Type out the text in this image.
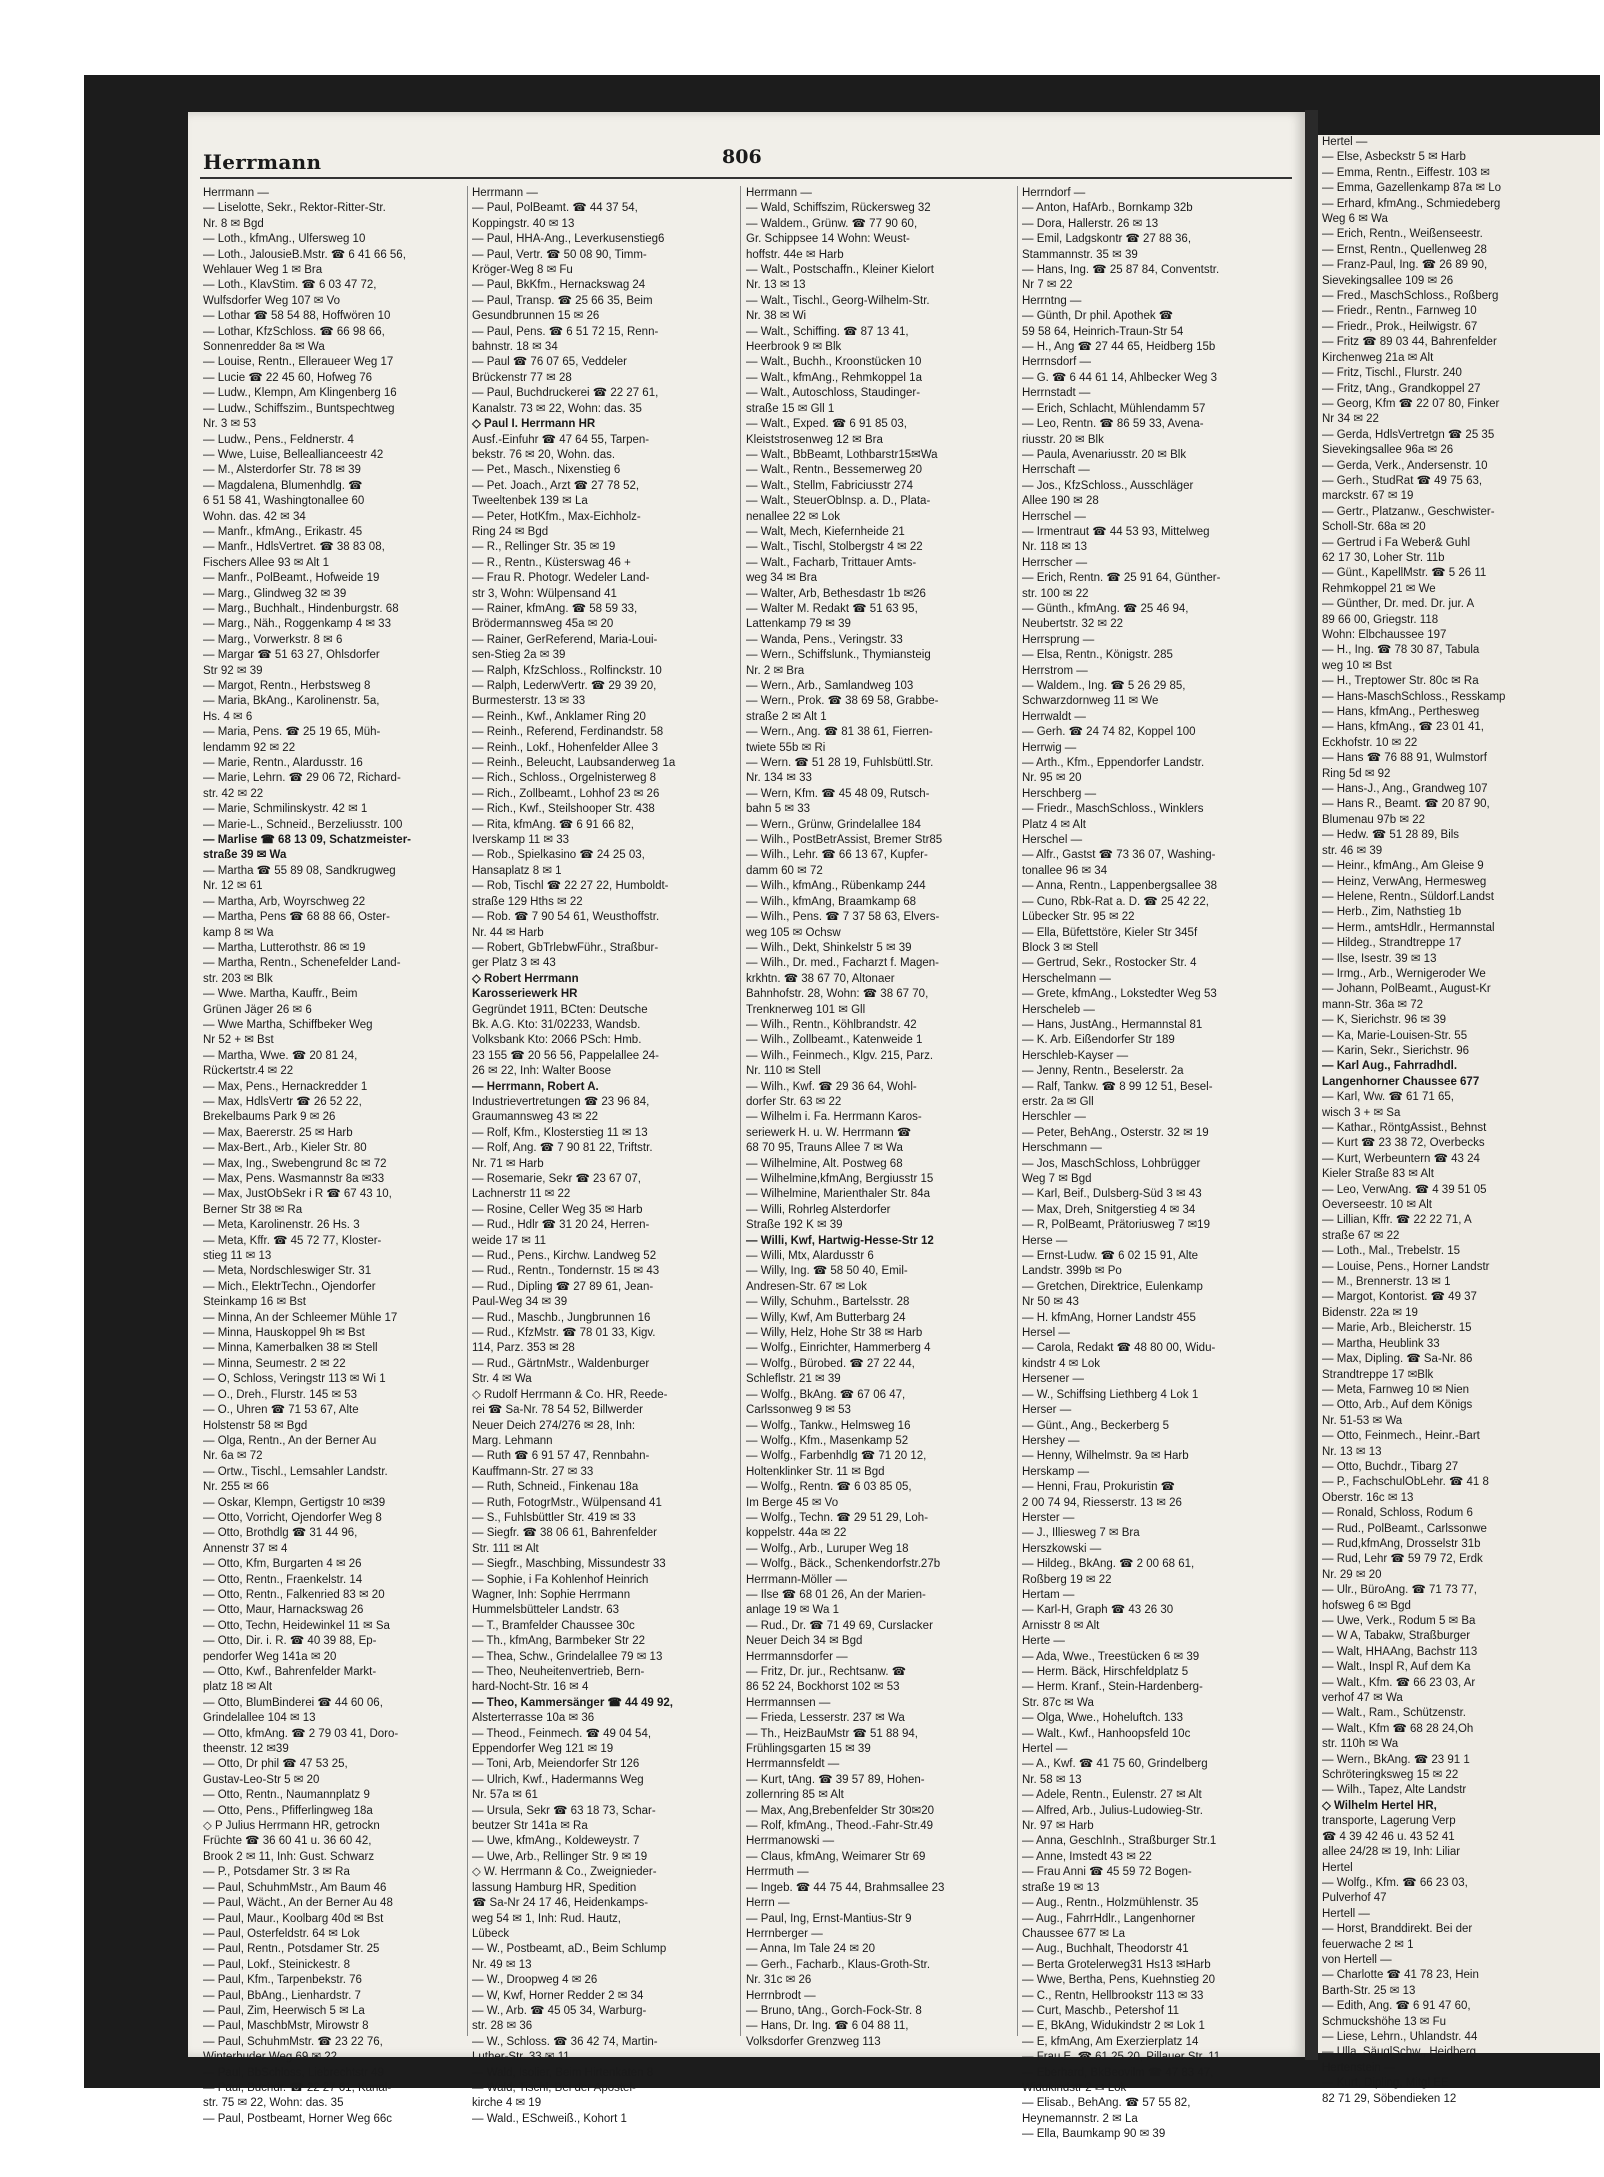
Hertel —
— Else, Asbeckstr 5 ✉ Harb
— Emma, Rentn., Eiffestr. 103 ✉
— Emma, Gazellenkamp 87a ✉ Lo
— Erhard, kfmAng., Schmiedeberg
Weg 6 ✉ Wa
— Erich, Rentn., Weißenseestr.
— Ernst, Rentn., Quellenweg 28
— Franz-Paul, Ing. ☎ 26 89 90,
Sievekingsallee 109 ✉ 26
— Fred., MaschSchloss., Roßberg
— Friedr., Rentn., Farnweg 10
— Friedr., Prok., Heilwigstr. 67
— Fritz ☎ 89 03 44, Bahrenfelder
Kirchenweg 21a ✉ Alt
— Fritz, Tischl., Flurstr. 240
— Fritz, tAng., Grandkoppel 27
— Georg, Kfm ☎ 22 07 80, Finker
Nr 34 ✉ 22
— Gerda, HdlsVertretgn ☎ 25 35
Sievekingsallee 96a ✉ 26
— Gerda, Verk., Andersenstr. 10
— Gerh., StudRat ☎ 49 75 63,
marckstr. 67 ✉ 19
— Gertr., Platzanw., Geschwister-
Scholl-Str. 68a ✉ 20
— Gertrud i Fa Weber& Guhl
62 17 30, Loher Str. 11b
— Günt., KapellMstr. ☎ 5 26 11
Rehmkoppel 21 ✉ We
— Günther, Dr. med. Dr. jur. A
89 66 00, Griegstr. 118
Wohn: Elbchaussee 197
— H., Ing. ☎ 78 30 87, Tabula
weg 10 ✉ Bst
— H., Treptower Str. 80c ✉ Ra
— Hans-MaschSchloss., Resskamp
— Hans, kfmAng., Perthesweg
— Hans, kfmAng., ☎ 23 01 41,
Eckhofstr. 10 ✉ 22
— Hans ☎ 76 88 91, Wulmstorf
Ring 5d ✉ 92
— Hans-J., Ang., Grandweg 107
— Hans R., Beamt. ☎ 20 87 90,
Blumenau 97b ✉ 22
— Hedw. ☎ 51 28 89, Bils
str. 46 ✉ 39
— Heinr., kfmAng., Am Gleise 9
— Heinz, VerwAng, Hermesweg
— Helene, Rentn., Süldorf.Landst
— Herb., Zim, Nathstieg 1b
— Herm., amtsHdlr., Hermannstal
— Hildeg., Strandtreppe 17
— Ilse, Isestr. 39 ✉ 13
— Irmg., Arb., Wernigeroder We
— Johann, PolBeamt., August-Kr
mann-Str. 36a ✉ 72
— K, Sierichstr. 96 ✉ 39
— Ka, Marie-Louisen-Str. 55
— Karin, Sekr., Sierichstr. 96
— Karl Aug., Fahrradhdl.
Langenhorner Chaussee 677
— Karl, Ww. ☎ 61 71 65,
wisch 3 + ✉ Sa
— Kathar., RöntgAssist., Behnst
— Kurt ☎ 23 38 72, Overbecks
— Kurt, Werbeuntern ☎ 43 24
Kieler Straße 83 ✉ Alt
— Leo, VerwAng. ☎ 4 39 51 05
Oeverseestr. 10 ✉ Alt
— Lillian, Kffr. ☎ 22 22 71, A
straße 67 ✉ 22
— Loth., Mal., Trebelstr. 15
— Louise, Pens., Horner Landstr
— M., Brennerstr. 13 ✉ 1
— Margot, Kontorist. ☎ 49 37
Bidenstr. 22a ✉ 19
— Marie, Arb., Bleicherstr. 15
— Martha, Heublink 33
— Max, Dipling. ☎ Sa-Nr. 86
Strandtreppe 17 ✉Blk
— Meta, Farnweg 10 ✉ Nien
— Otto, Arb., Auf dem Königs
Nr. 51-53 ✉ Wa
— Otto, Feinmech., Heinr.-Bart
Nr. 13 ✉ 13
— Otto, Buchdr., Tibarg 27
— P., FachschulObLehr. ☎ 41 8
Oberstr. 16c ✉ 13
— Ronald, Schloss, Rodum 6
— Rud., PolBeamt., Carlssonwe
— Rud,kfmAng, Drosselstr 31b
— Rud, Lehr ☎ 59 79 72, Erdk
Nr. 29 ✉ 20
— Ulr., BüroAng. ☎ 71 73 77,
hofsweg 6 ✉ Bgd
— Uwe, Verk., Rodum 5 ✉ Ba
— W A, Tabakw, Straßburger
— Walt, HHAAng, Bachstr 113
— Walt., Inspl R, Auf dem Ka
— Walt., Kfm. ☎ 66 23 03, Ar
verhof 47 ✉ Wa
— Walt., Ram., Schützenstr.
— Walt., Kfm ☎ 68 28 24,Oh
str. 110h ✉ Wa
— Wern., BkAng. ☎ 23 91 1
Schröteringksweg 15 ✉ 22
— Wilh., Tapez, Alte Landstr
◇ Wilhelm Hertel HR,
transporte, Lagerung Verp
☎ 4 39 42 46 u. 43 52 41
allee 24/28 ✉ 19, Inh: Liliar
Hertel
— Wolfg., Kfm. ☎ 66 23 03,
Pulverhof 47
Hertell —
— Horst, Branddirekt. Bei der
feuerwache 2 ✉ 1
von Hertell —
— Charlotte ☎ 41 78 23, Hein
Barth-Str. 25 ✉ 13
— Edith, Ang. ☎ 6 91 47 60,
Schmuckshöhe 13 ✉ Fu
— Liese, Lehrn., Uhlandstr. 44
— Ulla, SäuglSchw., Heidberg
Hertenstein —
— Kurt, Dipling, Mitgl EE
82 71 29, Söbendieken 12
Herrmann	806
Herrmann —
— Liselotte, Sekr., Rektor-Ritter-Str.
Nr. 8 ✉ Bgd
— Loth., kfmAng., Ulfersweg 10
— Loth., JalousieB.Mstr. ☎ 6 41 66 56,
Wehlauer Weg 1 ✉ Bra
— Loth., KlavStim. ☎ 6 03 47 72,
Wulfsdorfer Weg 107 ✉ Vo
— Lothar ☎ 58 54 88, Hoffwören 10
— Lothar, KfzSchloss. ☎ 66 98 66,
Sonnenredder 8a ✉ Wa
— Louise, Rentn., Elleraueer Weg 17
— Lucie ☎ 22 45 60, Hofweg 76
— Ludw., Klempn, Am Klingenberg 16
— Ludw., Schiffszim., Buntspechtweg
Nr. 3 ✉ 53
— Ludw., Pens., Feldnerstr. 4
— Wwe, Luise, Belleallianceestr 42
— M., Alsterdorfer Str. 78 ✉ 39
— Magdalena, Blumenhdlg. ☎
6 51 58 41, Washingtonallee 60
Wohn. das. 42 ✉ 34
— Manfr., kfmAng., Erikastr. 45
— Manfr., HdlsVertret. ☎ 38 83 08,
Fischers Allee 93 ✉ Alt 1
— Manfr., PolBeamt., Hofweide 19
— Marg., Glindweg 32 ✉ 39
— Marg., Buchhalt., Hindenburgstr. 68
— Marg., Näh., Roggenkamp 4 ✉ 33
— Marg., Vorwerkstr. 8 ✉ 6
— Margar ☎ 51 63 27, Ohlsdorfer
Str 92 ✉ 39
— Margot, Rentn., Herbstsweg 8
— Maria, BkAng., Karolinenstr. 5a,
Hs. 4 ✉ 6
— Maria, Pens. ☎ 25 19 65, Müh-
lendamm 92 ✉ 22
— Marie, Rentn., Alardusstr. 16
— Marie, Lehrn. ☎ 29 06 72, Richard-
str. 42 ✉ 22
— Marie, Schmilinskystr. 42 ✉ 1
— Marie-L., Schneid., Berzeliusstr. 100
— Marlise ☎ 68 13 09, Schatzmeister-
straße 39 ✉ Wa
— Martha ☎ 55 89 08, Sandkrugweg
Nr. 12 ✉ 61
— Martha, Arb, Woyrschweg 22
— Martha, Pens ☎ 68 88 66, Oster-
kamp 8 ✉ Wa
— Martha, Lutterothstr. 86 ✉ 19
— Martha, Rentn., Schenefelder Land-
str. 203 ✉ Blk
— Wwe. Martha, Kauffr., Beim
Grünen Jäger 26 ✉ 6
— Wwe Martha, Schiffbeker Weg
Nr 52 + ✉ Bst
— Martha, Wwe. ☎ 20 81 24,
Rückertstr.4 ✉ 22
— Max, Pens., Hernackredder 1
— Max, HdlsVertr ☎ 26 52 22,
Brekelbaums Park 9 ✉ 26
— Max, Baererstr. 25 ✉ Harb
— Max-Bert., Arb., Kieler Str. 80
— Max, Ing., Swebengrund 8c ✉ 72
— Max, Pens. Wasmannstr 8a ✉33
— Max, JustObSekr i R ☎ 67 43 10,
Berner Str 38 ✉ Ra
— Meta, Karolinenstr. 26 Hs. 3
— Meta, Kffr. ☎ 45 72 77, Kloster-
stieg 11 ✉ 13
— Meta, Nordschleswiger Str. 31
— Mich., ElektrTechn., Ojendorfer
Steinkamp 16 ✉ Bst
— Minna, An der Schleemer Mühle 17
— Minna, Hauskoppel 9h ✉ Bst
— Minna, Kamerbalken 38 ✉ Stell
— Minna, Seumestr. 2 ✉ 22
— O, Schloss, Veringstr 113 ✉ Wi 1
— O., Dreh., Flurstr. 145 ✉ 53
— O., Uhren ☎ 71 53 67, Alte
Holstenstr 58 ✉ Bgd
— Olga, Rentn., An der Berner Au
Nr. 6a ✉ 72
— Ortw., Tischl., Lemsahler Landstr.
Nr. 255 ✉ 66
— Oskar, Klempn, Gertigstr 10 ✉39
— Otto, Vorricht, Ojendorfer Weg 8
— Otto, Brothdlg ☎ 31 44 96,
Annenstr 37 ✉ 4
— Otto, Kfm, Burgarten 4 ✉ 26
— Otto, Rentn., Fraenkelstr. 14
— Otto, Rentn., Falkenried 83 ✉ 20
— Otto, Maur, Harnackswag 26
— Otto, Techn, Heidewinkel 11 ✉ Sa
— Otto, Dir. i. R. ☎ 40 39 88, Ep-
pendorfer Weg 141a ✉ 20
— Otto, Kwf., Bahrenfelder Markt-
platz 18 ✉ Alt
— Otto, BlumBinderei ☎ 44 60 06,
Grindelallee 104 ✉ 13
— Otto, kfmAng. ☎ 2 79 03 41, Doro-
theenstr. 12 ✉39
— Otto, Dr phil ☎ 47 53 25,
Gustav-Leo-Str 5 ✉ 20
— Otto, Rentn., Naumannplatz 9
— Otto, Pens., Pfifferlingweg 18a
◇ P Julius Herrmann HR, getrockn
Früchte ☎ 36 60 41 u. 36 60 42,
Brook 2 ✉ 11, Inh: Gust. Schwarz
— P., Potsdamer Str. 3 ✉ Ra
— Paul, SchuhmMstr., Am Baum 46
— Paul, Wächt., An der Berner Au 48
— Paul, Maur., Koolbarg 40d ✉ Bst
— Paul, Osterfeldstr. 64 ✉ Lok
— Paul, Rentn., Potsdamer Str. 25
— Paul, Lokf., Steinickestr. 8
— Paul, Kfm., Tarpenbekstr. 76
— Paul, BbAng., Lienhardstr. 7
— Paul, Zim, Heerwisch 5 ✉ La
— Paul, MaschbMstr, Mirowstr 8
— Paul, SchuhmMstr. ☎ 23 22 76,
Winterhuder Weg 69 ✉ 22
— Paul, BbSchloss, Liebrechtstr 49
— Paul, Buchdr. ☎ 22 27 61, Kanal-
str. 75 ✉ 22, Wohn: das. 35
— Paul, Postbeamt, Horner Weg 66c
Herrmann —
— Paul, PolBeamt. ☎ 44 37 54,
Koppingstr. 40 ✉ 13
— Paul, HHA-Ang., Leverkusenstieg6
— Paul, Vertr. ☎ 50 08 90, Timm-
Kröger-Weg 8 ✉ Fu
— Paul, BkKfm., Hernackswag 24
— Paul, Transp. ☎ 25 66 35, Beim
Gesundbrunnen 15 ✉ 26
— Paul, Pens. ☎ 6 51 72 15, Renn-
bahnstr. 18 ✉ 34
— Paul ☎ 76 07 65, Veddeler
Brückenstr 77 ✉ 28
— Paul, Buchdruckerei ☎ 22 27 61,
Kanalstr. 73 ✉ 22, Wohn: das. 35
◇ Paul I. Herrmann HR
Ausf.-Einfuhr ☎ 47 64 55, Tarpen-
bekstr. 76 ✉ 20, Wohn. das.
— Pet., Masch., Nixenstieg 6
— Pet. Joach., Arzt ☎ 27 78 52,
Tweeltenbek 139 ✉ La
— Peter, HotKfm., Max-Eichholz-
Ring 24 ✉ Bgd
— R., Rellinger Str. 35 ✉ 19
— R., Rentn., Küsterswag 46 +
— Frau R. Photogr. Wedeler Land-
str 3, Wohn: Wülpensand 41
— Rainer, kfmAng. ☎ 58 59 33,
Brödermannsweg 45a ✉ 20
— Rainer, GerReferend, Maria-Loui-
sen-Stieg 2a ✉ 39
— Ralph, KfzSchloss., Rolfinckstr. 10
— Ralph, LederwVertr. ☎ 29 39 20,
Burmesterstr. 13 ✉ 33
— Reinh., Kwf., Anklamer Ring 20
— Reinh., Referend, Ferdinandstr. 58
— Reinh., Lokf., Hohenfelder Allee 3
— Reinh., Beleucht, Laubsanderweg 1a
— Rich., Schloss., Orgelnisterweg 8
— Rich., Zollbeamt., Lohhof 23 ✉ 26
— Rich., Kwf., Steilshooper Str. 438
— Rita, kfmAng. ☎ 6 91 66 82,
Iverskamp 11 ✉ 33
— Rob., Spielkasino ☎ 24 25 03,
Hansaplatz 8 ✉ 1
— Rob, Tischl ☎ 22 27 22, Humboldt-
straße 129 Hths ✉ 22
— Rob. ☎ 7 90 54 61, Weusthoffstr.
Nr. 44 ✉ Harb
— Robert, GbTrlebwFühr., Straßbur-
ger Platz 3 ✉ 43
◇ Robert Herrmann
Karosseriewerk HR
Gegründet 1911, BCten: Deutsche
Bk. A.G. Kto: 31/02233, Wandsb.
Volksbank Kto: 2066 PSch: Hmb.
23 155 ☎ 20 56 56, Pappelallee 24-
26 ✉ 22, Inh: Walter Boose
— Herrmann, Robert A.
Industrievertretungen ☎ 23 96 84,
Graumannsweg 43 ✉ 22
— Rolf, Kfm., Klosterstieg 11 ✉ 13
— Rolf, Ang. ☎ 7 90 81 22, Triftstr.
Nr. 71 ✉ Harb
— Rosemarie, Sekr ☎ 23 67 07,
Lachnerstr 11 ✉ 22
— Rosine, Celler Weg 35 ✉ Harb
— Rud., Hdlr ☎ 31 20 24, Herren-
weide 17 ✉ 11
— Rud., Pens., Kirchw. Landweg 52
— Rud., Rentn., Tondernstr. 15 ✉ 43
— Rud., Dipling ☎ 27 89 61, Jean-
Paul-Weg 34 ✉ 39
— Rud., Maschb., Jungbrunnen 16
— Rud., KfzMstr. ☎ 78 01 33, Kigv.
114, Parz. 353 ✉ 28
— Rud., GärtnMstr., Waldenburger
Str. 4 ✉ Wa
◇ Rudolf Herrmann & Co. HR, Reede-
rei ☎ Sa-Nr. 78 54 52, Billwerder
Neuer Deich 274/276 ✉ 28, Inh:
Marg. Lehmann
— Ruth ☎ 6 91 57 47, Rennbahn-
Kauffmann-Str. 27 ✉ 33
— Ruth, Schneid., Finkenau 18a
— Ruth, FotogrMstr., Wülpensand 41
— S., Fuhlsbüttler Str. 419 ✉ 33
— Siegfr. ☎ 38 06 61, Bahrenfelder
Str. 111 ✉ Alt
— Siegfr., Maschbing, Missundestr 33
— Sophie, i Fa Kohlenhof Heinrich
Wagner, Inh: Sophie Herrmann
Hummelsbütteler Landstr. 63
— T., Bramfelder Chaussee 30c
— Th., kfmAng, Barmbeker Str 22
— Thea, Schw., Grindelallee 79 ✉ 13
— Theo, Neuheitenvertrieb, Bern-
hard-Nocht-Str. 16 ✉ 4
— Theo, Kammersänger ☎ 44 49 92,
Alsterterrasse 10a ✉ 36
— Theod., Feinmech. ☎ 49 04 54,
Eppendorfer Weg 121 ✉ 19
— Toni, Arb, Meiendorfer Str 126
— Ulrich, Kwf., Hadermanns Weg
Nr. 57a ✉ 61
— Ursula, Sekr ☎ 63 18 73, Schar-
beutzer Str 141a ✉ Ra
— Uwe, kfmAng., Koldeweystr. 7
— Uwe, Arb., Rellinger Str. 9 ✉ 19
◇ W. Herrmann & Co., Zweignieder-
lassung Hamburg HR, Spedition
☎ Sa-Nr 24 17 46, Heidenkamps-
weg 54 ✉ 1, Inh: Rud. Hautz,
Lübeck
— W., Postbeamt, aD., Beim Schlump
Nr. 49 ✉ 13
— W., Droopweg 4 ✉ 26
— W, Kwf, Horner Redder 2 ✉ 34
— W., Arb. ☎ 45 05 34, Warburg-
str. 28 ✉ 36
— W., Schloss. ☎ 36 42 74, Martin-
Luther-Str. 33 ✉ 11
— Wald, Isolier, Beim Hirtenkaten 8
— Wald, Tischl, Bei der Apostel-
kirche 4 ✉ 19
— Wald., ESchweiß., Kohort 1
Herrmann —
— Wald, Schiffszim, Rückersweg 32
— Waldem., Grünw. ☎ 77 90 60,
Gr. Schippsee 14 Wohn: Weust-
hoffstr. 44e ✉ Harb
— Walt., Postschaffn., Kleiner Kielort
Nr. 13 ✉ 13
— Walt., Tischl., Georg-Wilhelm-Str.
Nr. 38 ✉ Wi
— Walt., Schiffing. ☎ 87 13 41,
Heerbrook 9 ✉ Blk
— Walt., Buchh., Kroonstücken 10
— Walt., kfmAng., Rehmkoppel 1a
— Walt., Autoschloss, Staudinger-
straße 15 ✉ Gll 1
— Walt., Exped. ☎ 6 91 85 03,
Kleiststrosenweg 12 ✉ Bra
— Walt., BbBeamt, Lothbarstr15✉Wa
— Walt., Rentn., Bessemerweg 20
— Walt., Stellm, Fabriciusstr 274
— Walt., SteuerOblnsp. a. D., Plata-
nenallee 22 ✉ Lok
— Walt, Mech, Kiefernheide 21
— Walt., Tischl, Stolbergstr 4 ✉ 22
— Walt., Facharb, Trittauer Amts-
weg 34 ✉ Bra
— Walter, Arb, Bethesdastr 1b ✉26
— Walter M. Redakt ☎ 51 63 95,
Lattenkamp 79 ✉ 39
— Wanda, Pens., Veringstr. 33
— Wern., Schiffslunk., Thymiansteig
Nr. 2 ✉ Bra
— Wern., Arb., Samlandweg 103
— Wern., Prok. ☎ 38 69 58, Grabbe-
straße 2 ✉ Alt 1
— Wern., Ang. ☎ 81 38 61, Fierren-
twiete 55b ✉ Ri
— Wern. ☎ 51 28 19, Fuhlsbüttl.Str.
Nr. 134 ✉ 33
— Wern, Kfm. ☎ 45 48 09, Rutsch-
bahn 5 ✉ 33
— Wern., Grünw, Grindelallee 184
— Wilh., PostBetrAssist, Bremer Str85
— Wilh., Lehr. ☎ 66 13 67, Kupfer-
damm 60 ✉ 72
— Wilh., kfmAng., Rübenkamp 244
— Wilh., kfmAng, Braamkamp 68
— Wilh., Pens. ☎ 7 37 58 63, Elvers-
weg 105 ✉ Ochsw
— Wilh., Dekt, Shinkelstr 5 ✉ 39
— Wilh., Dr. med., Facharzt f. Magen-
krkhtn. ☎ 38 67 70, Altonaer
Bahnhofstr. 28, Wohn: ☎ 38 67 70,
Trenknerweg 101 ✉ Gll
— Wilh., Rentn., Köhlbrandstr. 42
— Wilh., Zollbeamt., Katenweide 1
— Wilh., Feinmech., Klgv. 215, Parz.
Nr. 110 ✉ Stell
— Wilh., Kwf. ☎ 29 36 64, Wohl-
dorfer Str. 63 ✉ 22
— Wilhelm i. Fa. Herrmann Karos-
seriewerk H. u. W. Herrmann ☎
68 70 95, Trauns Allee 7 ✉ Wa
— Wilhelmine, Alt. Postweg 68
— Wilhelmine,kfmAng, Bergiusstr 15
— Wilhelmine, Marienthaler Str. 84a
— Willi, Rohrleg Alsterdorfer
Straße 192 K ✉ 39
— Willi, Kwf, Hartwig-Hesse-Str 12
— Willi, Mtx, Alardusstr 6
— Willy, Ing. ☎ 58 50 40, Emil-
Andresen-Str. 67 ✉ Lok
— Willy, Schuhm., Bartelsstr. 28
— Willy, Kwf, Am Butterbarg 24
— Willy, Helz, Hohe Str 38 ✉ Harb
— Wolfg., Einrichter, Hammerberg 4
— Wolfg., Bürobed. ☎ 27 22 44,
Schleflstr. 21 ✉ 39
— Wolfg., BkAng. ☎ 67 06 47,
Carlssonweg 9 ✉ 53
— Wolfg., Tankw., Helmsweg 16
— Wolfg., Kfm., Masenkamp 52
— Wolfg., Farbenhdlg ☎ 71 20 12,
Holtenklinker Str. 11 ✉ Bgd
— Wolfg., Rentn. ☎ 6 03 85 05,
Im Berge 45 ✉ Vo
— Wolfg., Techn. ☎ 29 51 29, Loh-
koppelstr. 44a ✉ 22
— Wolfg., Arb., Luruper Weg 18
— Wolfg., Bäck., Schenkendorfstr.27b
Herrmann-Möller —
— Ilse ☎ 68 01 26, An der Marien-
anlage 19 ✉ Wa 1
— Rud., Dr. ☎ 71 49 69, Curslacker
Neuer Deich 34 ✉ Bgd
Herrmannsdorfer —
— Fritz, Dr. jur., Rechtsanw. ☎
86 52 24, Bockhorst 102 ✉ 53
Herrmannsen —
— Frieda, Lesserstr. 237 ✉ Wa
— Th., HeizBauMstr ☎ 51 88 94,
Frühlingsgarten 15 ✉ 39
Herrmannsfeldt —
— Kurt, tAng. ☎ 39 57 89, Hohen-
zollernring 85 ✉ Alt
— Max, Ang,Brebenfelder Str 30✉20
— Rolf, kfmAng., Theod.-Fahr-Str.49
Herrmanowski —
— Claus, kfmAng, Weimarer Str 69
Herrmuth —
— Ingeb. ☎ 44 75 44, Brahmsallee 23
Herrn —
— Paul, Ing, Ernst-Mantius-Str 9
Herrnberger —
— Anna, Im Tale 24 ✉ 20
— Gerh., Facharb., Klaus-Groth-Str.
Nr. 31c ✉ 26
Herrnbrodt —
— Bruno, tAng., Gorch-Fock-Str. 8
— Hans, Dr. Ing. ☎ 6 04 88 11,
Volksdorfer Grenzweg 113
Herrndorf —
— Anton, HafArb., Bornkamp 32b
— Dora, Hallerstr. 26 ✉ 13
— Emil, Ladgskontr ☎ 27 88 36,
Stammannstr. 35 ✉ 39
— Hans, Ing. ☎ 25 87 84, Conventstr.
Nr 7 ✉ 22
Herrntng —
— Günth, Dr phil. Apothek ☎
59 58 64, Heinrich-Traun-Str 54
— H., Ang ☎ 27 44 65, Heidberg 15b
Herrnsdorf —
— G. ☎ 6 44 61 14, Ahlbecker Weg 3
Herrnstadt —
— Erich, Schlacht, Mühlendamm 57
— Leo, Rentn. ☎ 86 59 33, Avena-
riusstr. 20 ✉ Blk
— Paula, Avenariusstr. 20 ✉ Blk
Herrschaft —
— Jos., KfzSchloss., Ausschläger
Allee 190 ✉ 28
Herrschel —
— Irmentraut ☎ 44 53 93, Mittelweg
Nr. 118 ✉ 13
Herrscher —
— Erich, Rentn. ☎ 25 91 64, Günther-
str. 100 ✉ 22
— Günth., kfmAng. ☎ 25 46 94,
Neubertstr. 32 ✉ 22
Herrsprung —
— Elsa, Rentn., Königstr. 285
Herrstrom —
— Waldem., Ing. ☎ 5 26 29 85,
Schwarzdornweg 11 ✉ We
Herrwaldt —
— Gerh. ☎ 24 74 82, Koppel 100
Herrwig —
— Arth., Kfm., Eppendorfer Landstr.
Nr. 95 ✉ 20
Herschberg —
— Friedr., MaschSchloss., Winklers
Platz 4 ✉ Alt
Herschel —
— Alfr., Gastst ☎ 73 36 07, Washing-
tonallee 96 ✉ 34
— Anna, Rentn., Lappenbergsallee 38
— Cuno, Rbk-Rat a. D. ☎ 25 42 22,
Lübecker Str. 95 ✉ 22
— Ella, Büfettstöre, Kieler Str 345f
Block 3 ✉ Stell
— Gertrud, Sekr., Rostocker Str. 4
Herschelmann —
— Grete, kfmAng., Lokstedter Weg 53
Herscheleb —
— Hans, JustAng., Hermannstal 81
— K. Arb. Eißendorfer Str 189
Herschleb-Kayser —
— Jenny, Rentn., Beselerstr. 2a
— Ralf, Tankw. ☎ 8 99 12 51, Besel-
erstr. 2a ✉ Gll
Herschler —
— Peter, BehAng., Osterstr. 32 ✉ 19
Herschmann —
— Jos, MaschSchloss, Lohbrügger
Weg 7 ✉ Bgd
— Karl, Beif., Dulsberg-Süd 3 ✉ 43
— Max, Dreh, Snitgerstieg 4 ✉ 34
— R, PolBeamt, Prätoriusweg 7 ✉19
Herse —
— Ernst-Ludw. ☎ 6 02 15 91, Alte
Landstr. 399b ✉ Po
— Gretchen, Direktrice, Eulenkamp
Nr 50 ✉ 43
— H. kfmAng, Horner Landstr 455
Hersel —
— Carola, Redakt ☎ 48 80 00, Widu-
kindstr 4 ✉ Lok
Hersener —
— W., Schiffsing Liethberg 4 Lok 1
Herser —
— Günt., Ang., Beckerberg 5
Hershey —
— Henny, Wilhelmstr. 9a ✉ Harb
Herskamp —
— Henni, Frau, Prokuristin ☎
2 00 74 94, Riesserstr. 13 ✉ 26
Herster —
— J., Illiesweg 7 ✉ Bra
Herszkowski —
— Hildeg., BkAng. ☎ 2 00 68 61,
Roßberg 19 ✉ 22
Hertam —
— Karl-H, Graph ☎ 43 26 30
Arnisstr 8 ✉ Alt
Herte —
— Ada, Wwe., Treestücken 6 ✉ 39
— Herm. Bäck, Hirschfeldplatz 5
— Herm. Kranf., Stein-Hardenberg-
Str. 87c ✉ Wa
— Olga, Wwe., Hoheluftch. 133
— Walt., Kwf., Hanhoopsfeld 10c
Hertel —
— A., Kwf. ☎ 41 75 60, Grindelberg
Nr. 58 ✉ 13
— Adele, Rentn., Eulenstr. 27 ✉ Alt
— Alfred, Arb., Julius-Ludowieg-Str.
Nr. 97 ✉ Harb
— Anna, GeschInh., Straßburger Str.1
— Anne, Imstedt 43 ✉ 22
— Frau Anni ☎ 45 59 72 Bogen-
straße 19 ✉ 13
— Aug., Rentn., Holzmühlenstr. 35
— Aug., FahrrHdlr., Langenhorner
Chaussee 677 ✉ La
— Aug., Buchhalt, Theodorstr 41
— Berta Grotelerweg31 Hs13 ✉Harb
— Wwe, Bertha, Pens, Kuehnstieg 20
— C., Rentn, Hellbrookstr 113 ✉ 33
— Curt, Maschb., Petershof 11
— E, BkAng, Widukindstr 2 ✉ Lok 1
— E, kfmAng, Am Exerzierplatz 14
— Frau E. ☎ 61 25 20, Pillauer Str. 11
— Eberhard, BkBeovilm ☎ 47 83 47,
Widukindstr 2 ✉ Lok
— Elisab., BehAng. ☎ 57 55 82,
Heynemannstr. 2 ✉ La
— Ella, Baumkamp 90 ✉ 39
